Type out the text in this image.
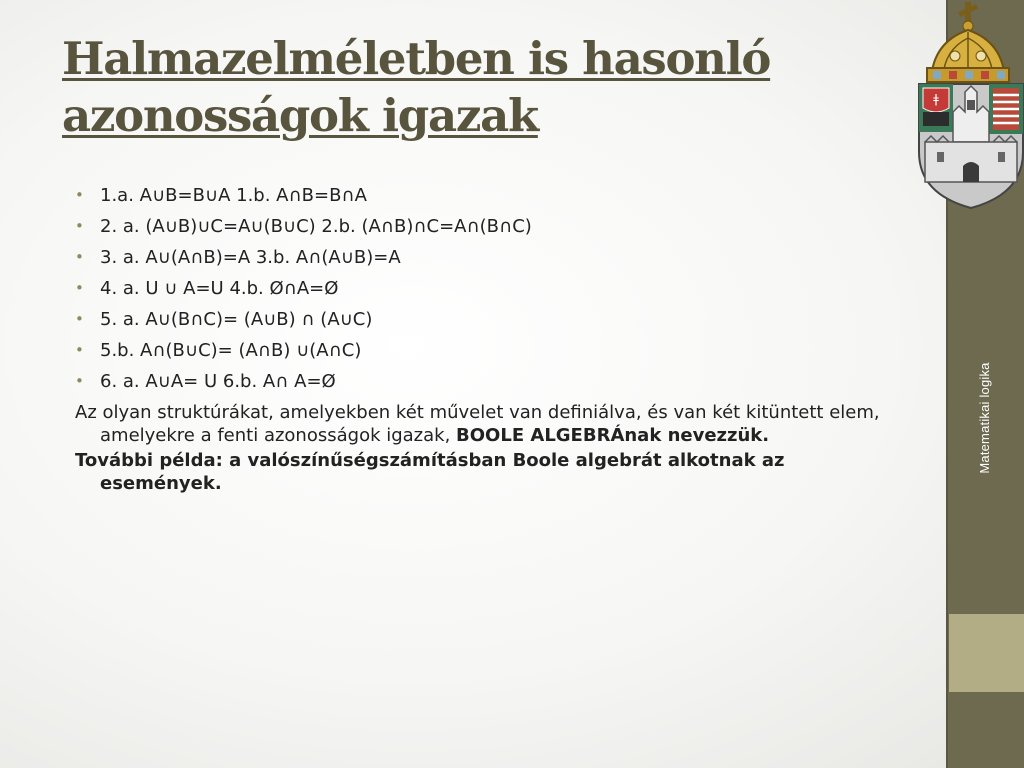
Matematikai logika
ǂ
Halmazelméletben is hasonló azonosságok igazak
• 1.a. A∪B=B∪A 1.b. A∩B=B∩A
• 2. a. (A∪B)∪C=A∪(B∪C) 2.b. (A∩B)∩C=A∩(B∩C)
• 3. a. A∪(A∩B)=A 3.b. A∩(A∪B)=A
• 4. a. U ∪ A=U 4.b. Ø∩A=Ø
• 5. a. A∪(B∩C)= (A∪B) ∩ (A∪C)
• 5.b. A∩(B∪C)= (A∩B) ∪(A∩C)
• 6. a. A∪A= U 6.b. A∩ A=Ø

Az olyan struktúrákat, amelyekben két művelet van definiálva, és van két kitüntett elem, amelyekre a fenti azonosságok igazak, BOOLE ALGEBRÁnak nevezzük.

További példa: a valószínűségszámításban Boole algebrát alkotnak az események.
